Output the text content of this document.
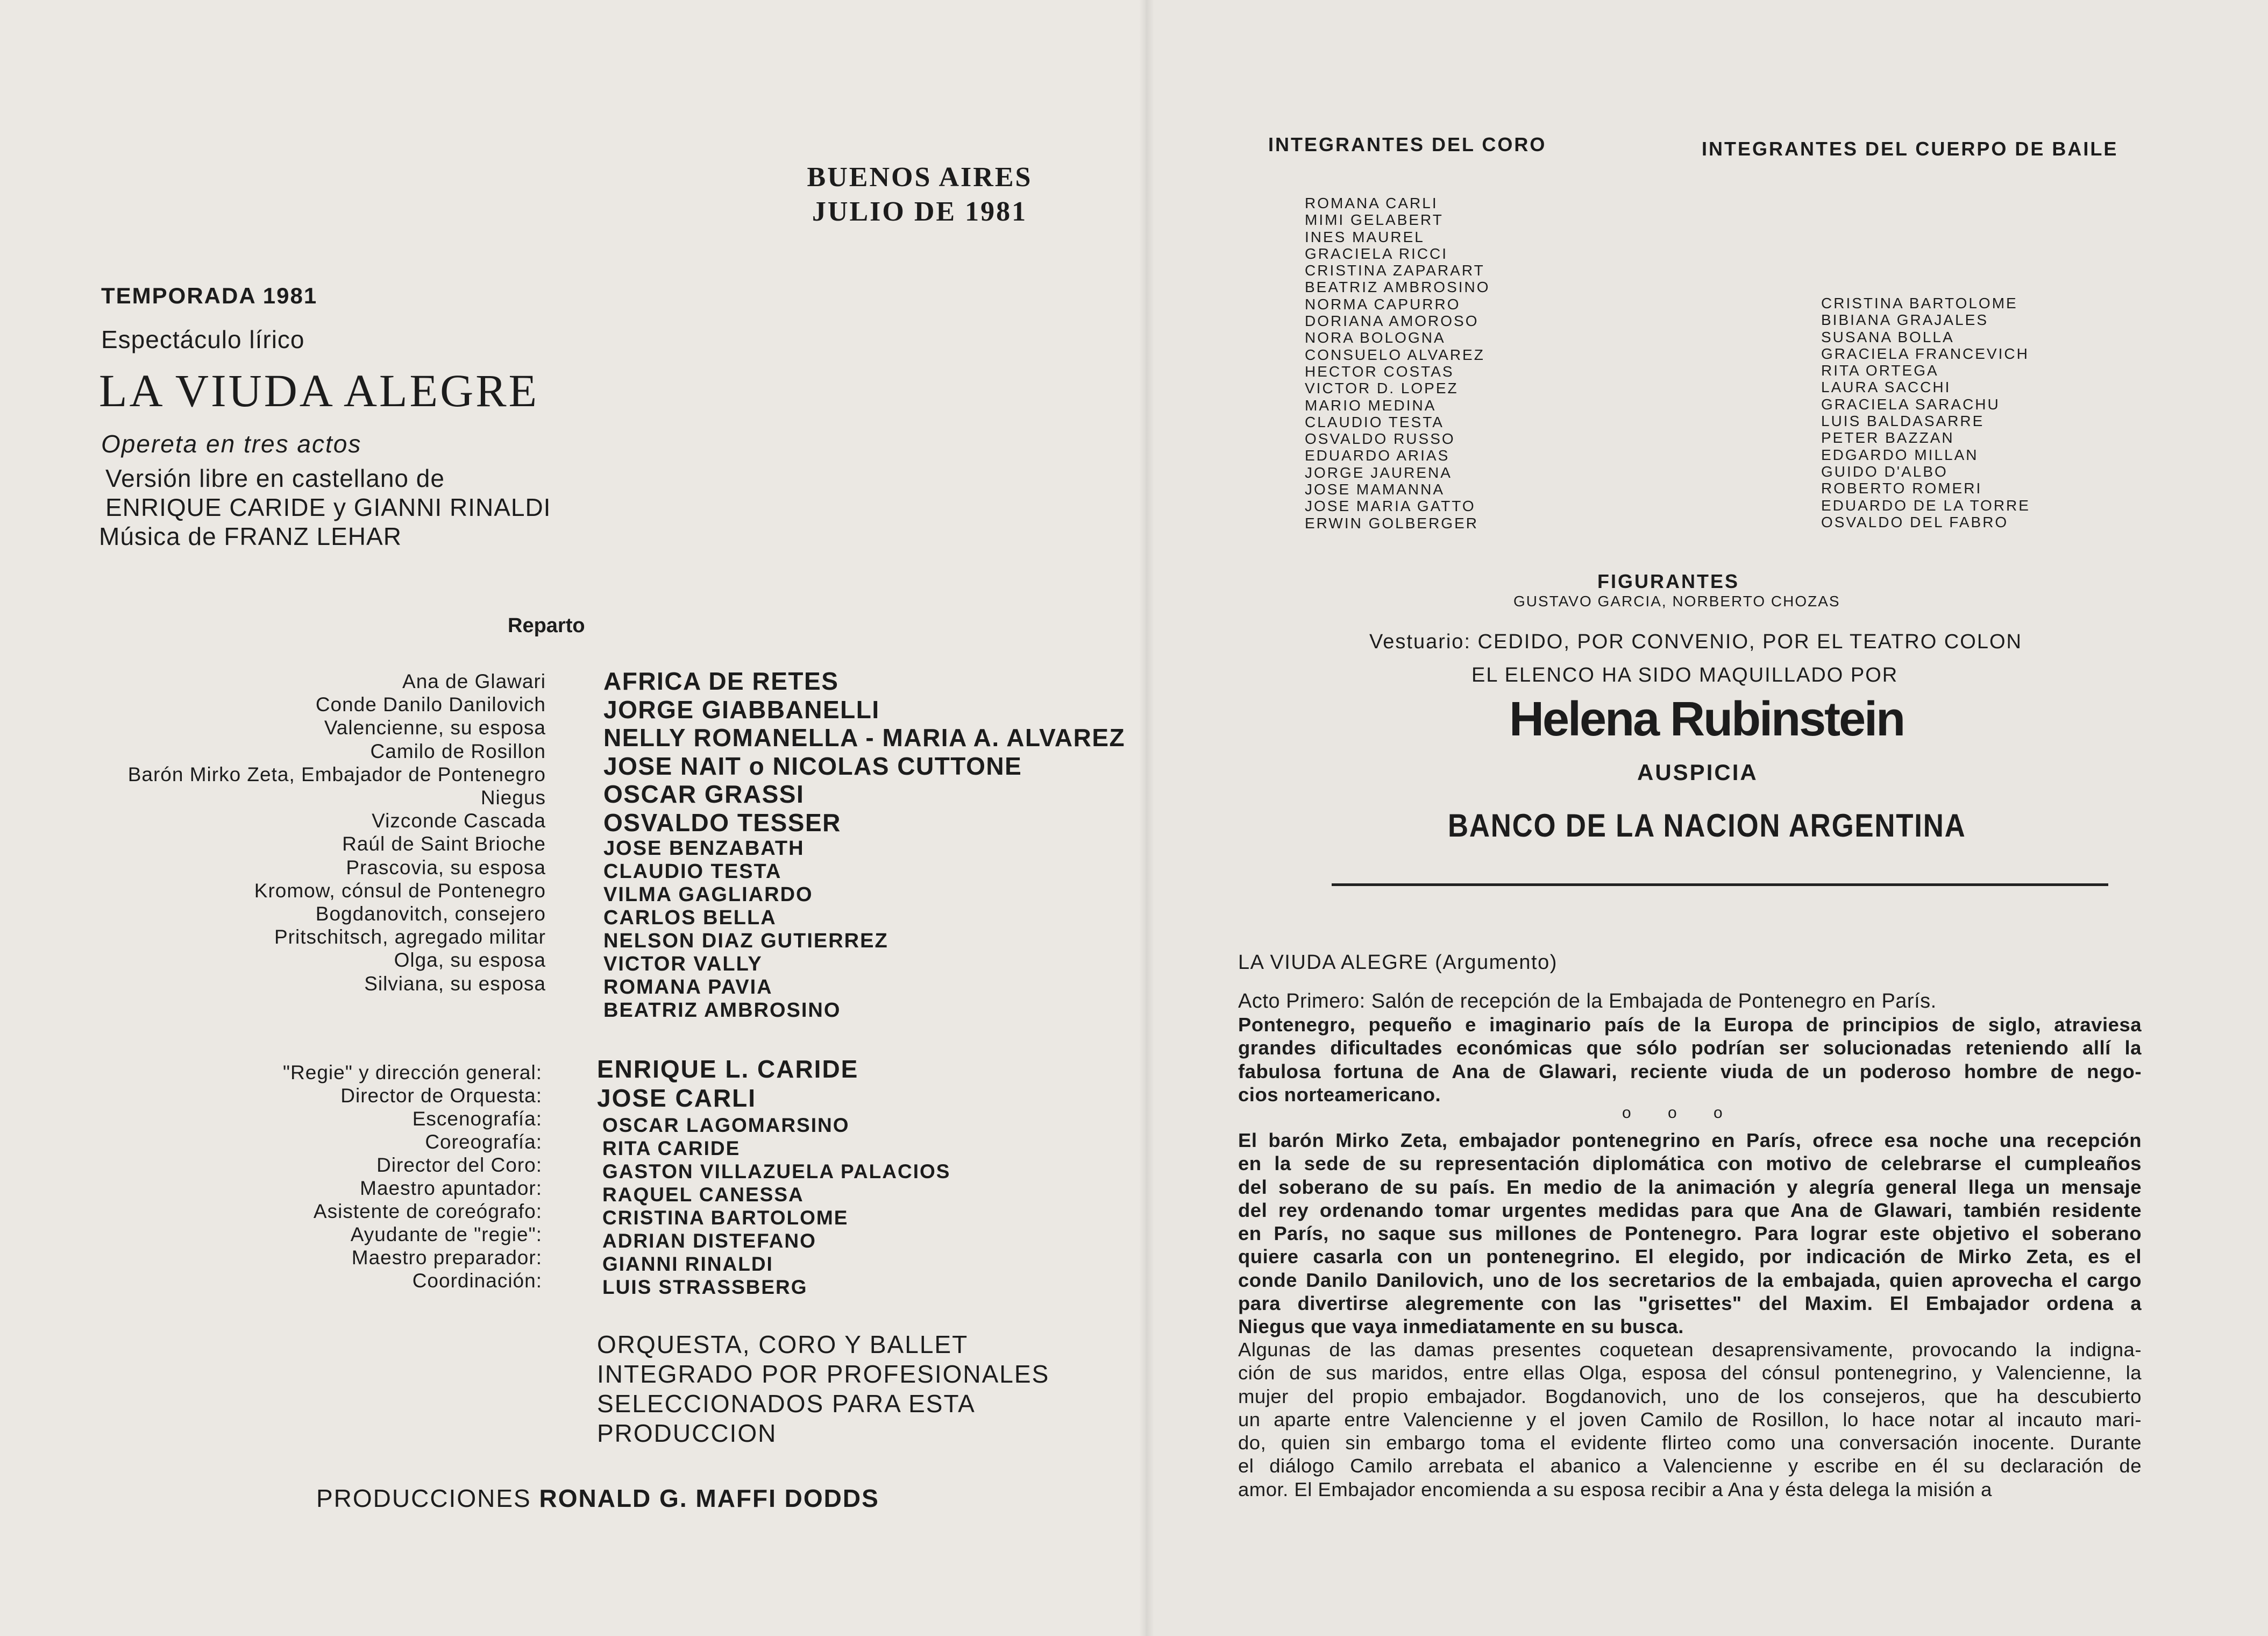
BUENOS AIRES
JULIO DE 1981
TEMPORADA 1981
Espectáculo lírico
LA VIUDA ALEGRE
Opereta en tres actos
Versión libre en castellano de
ENRIQUE CARIDE y GIANNI RINALDI
Música de FRANZ LEHAR
Reparto
Ana de Glawari
Conde Danilo Danilovich
Valencienne, su esposa
Camilo de Rosillon
Barón Mirko Zeta, Embajador de Pontenegro
Niegus
Vizconde Cascada
Raúl de Saint Brioche
Prascovia, su esposa
Kromow, cónsul de Pontenegro
Bogdanovitch, consejero
Pritschitsch, agregado militar
Olga, su esposa
Silviana, su esposa
AFRICA DE RETES
JORGE GIABBANELLI
NELLY ROMANELLA - MARIA A. ALVAREZ
JOSE NAIT o NICOLAS CUTTONE
OSCAR GRASSI
OSVALDO TESSER
JOSE BENZABATH
CLAUDIO TESTA
VILMA GAGLIARDO
CARLOS BELLA
NELSON DIAZ GUTIERREZ
VICTOR VALLY
ROMANA PAVIA
BEATRIZ AMBROSINO
"Regie" y dirección general:
Director de Orquesta:
Escenografía:
Coreografía:
Director del Coro:
Maestro apuntador:
Asistente de coreógrafo:
Ayudante de "regie":
Maestro preparador:
Coordinación:
ENRIQUE L. CARIDE
JOSE CARLI
OSCAR LAGOMARSINO
RITA CARIDE
GASTON VILLAZUELA PALACIOS
RAQUEL CANESSA
CRISTINA BARTOLOME
ADRIAN DISTEFANO
GIANNI RINALDI
LUIS STRASSBERG
ORQUESTA, CORO Y BALLET
INTEGRADO POR PROFESIONALES
SELECCIONADOS PARA ESTA
PRODUCCION
PRODUCCIONES RONALD G. MAFFI DODDS
INTEGRANTES DEL CORO	INTEGRANTES DEL CUERPO DE BAILE
ROMANA CARLI
MIMI GELABERT
INES MAUREL
GRACIELA RICCI
CRISTINA ZAPARART
BEATRIZ AMBROSINO
NORMA CAPURRO
DORIANA AMOROSO
NORA BOLOGNA
CONSUELO ALVAREZ
HECTOR COSTAS
VICTOR D. LOPEZ
MARIO MEDINA
CLAUDIO TESTA
OSVALDO RUSSO
EDUARDO ARIAS
JORGE JAURENA
JOSE MAMANNA
JOSE MARIA GATTO
ERWIN GOLBERGER
CRISTINA BARTOLOME
BIBIANA GRAJALES
SUSANA BOLLA
GRACIELA FRANCEVICH
RITA ORTEGA
LAURA SACCHI
GRACIELA SARACHU
LUIS BALDASARRE
PETER BAZZAN
EDGARDO MILLAN
GUIDO D'ALBO
ROBERTO ROMERI
EDUARDO DE LA TORRE
OSVALDO DEL FABRO
FIGURANTES
GUSTAVO GARCIA, NORBERTO CHOZAS
Vestuario: CEDIDO, POR CONVENIO, POR EL TEATRO COLON
EL ELENCO HA SIDO MAQUILLADO POR
Helena Rubinstein
AUSPICIA
BANCO DE LA NACION ARGENTINA
LA VIUDA ALEGRE (Argumento)
Acto Primero: Salón de recepción de la Embajada de Pontenegro en París.
Pontenegro, pequeño e imaginario país de la Europa de principios de siglo, atraviesa
grandes dificultades económicas que sólo podrían ser solucionadas reteniendo allí la
fabulosa fortuna de Ana de Glawari, reciente viuda de un poderoso hombre de nego-
cios norteamericano.
o o o
El barón Mirko Zeta, embajador pontenegrino en París, ofrece esa noche una recepción
en la sede de su representación diplomática con motivo de celebrarse el cumpleaños
del soberano de su país. En medio de la animación y alegría general llega un mensaje
del rey ordenando tomar urgentes medidas para que Ana de Glawari, también residente
en París, no saque sus millones de Pontenegro. Para lograr este objetivo el soberano
quiere casarla con un pontenegrino. El elegido, por indicación de Mirko Zeta, es el
conde Danilo Danilovich, uno de los secretarios de la embajada, quien aprovecha el cargo
para divertirse alegremente con las "grisettes" del Maxim. El Embajador ordena a
Niegus que vaya inmediatamente en su busca.
Algunas de las damas presentes coquetean desaprensivamente, provocando la indigna-
ción de sus maridos, entre ellas Olga, esposa del cónsul pontenegrino, y Valencienne, la
mujer del propio embajador. Bogdanovich, uno de los consejeros, que ha descubierto
un aparte entre Valencienne y el joven Camilo de Rosillon, lo hace notar al incauto mari-
do, quien sin embargo toma el evidente flirteo como una conversación inocente. Durante
el diálogo Camilo arrebata el abanico a Valencienne y escribe en él su declaración de
amor. El Embajador encomienda a su esposa recibir a Ana y ésta delega la misión a
